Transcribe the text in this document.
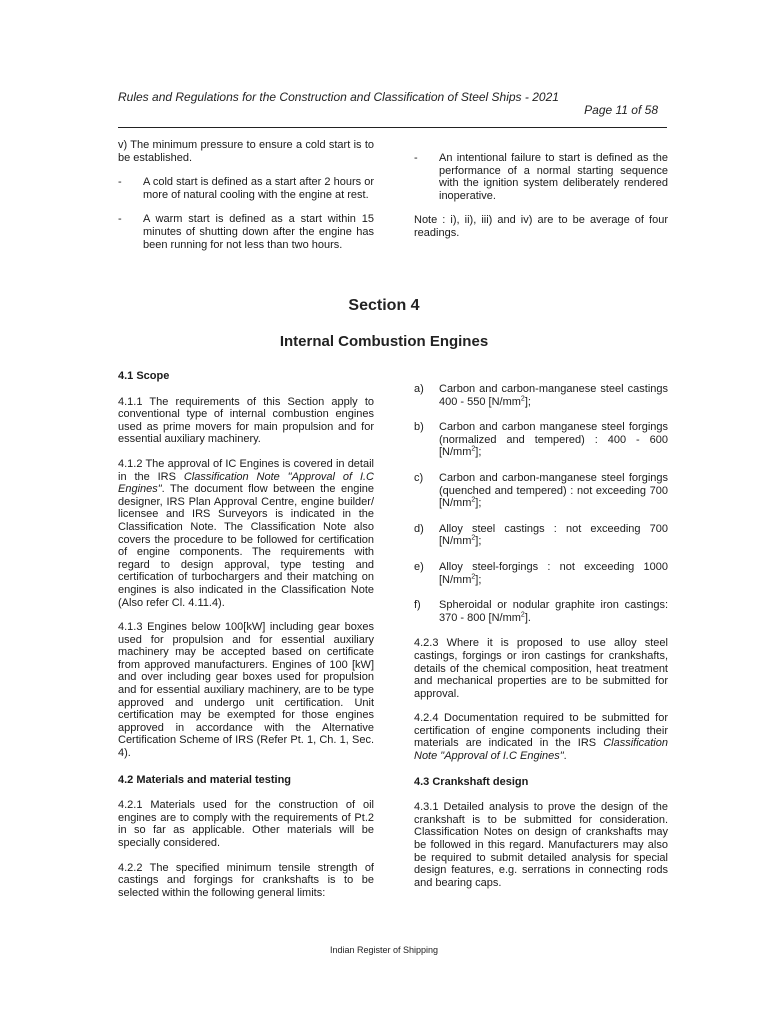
Rules and Regulations for the Construction and Classification of Steel Ships - 2021
Page 11 of 58

v) The minimum pressure to ensure a cold start is to be established.

- A cold start is defined as a start after 2 hours or more of natural cooling with the engine at rest.

- A warm start is defined as a start within 15 minutes of shutting down after the engine has been running for not less than two hours.

- An intentional failure to start is defined as the performance of a normal starting sequence with the ignition system deliberately rendered inoperative.

Note : i), ii), iii) and iv) are to be average of four readings.

Section 4
Internal Combustion Engines

4.1 Scope

4.1.1 The requirements of this Section apply to conventional type of internal combustion engines used as prime movers for main propulsion and for essential auxiliary machinery.

4.1.2 The approval of IC Engines is covered in detail in the IRS Classification Note "Approval of I.C Engines". The document flow between the engine designer, IRS Plan Approval Centre, engine builder/ licensee and IRS Surveyors is indicated in the Classification Note. The Classification Note also covers the procedure to be followed for certification of engine components. The requirements with regard to design approval, type testing and certification of turbochargers and their matching on engines is also indicated in the Classification Note (Also refer Cl. 4.11.4).

4.1.3 Engines below 100[kW] including gear boxes used for propulsion and for essential auxiliary machinery may be accepted based on certificate from approved manufacturers. Engines of 100 [kW] and over including gear boxes used for propulsion and for essential auxiliary machinery, are to be type approved and undergo unit certification. Unit certification may be exempted for those engines approved in accordance with the Alternative Certification Scheme of IRS (Refer Pt. 1, Ch. 1, Sec. 4).

4.2 Materials and material testing

4.2.1 Materials used for the construction of oil engines are to comply with the requirements of Pt.2 in so far as applicable. Other materials will be specially considered.

4.2.2 The specified minimum tensile strength of castings and forgings for crankshafts is to be selected within the following general limits:

a) Carbon and carbon-manganese steel castings 400 - 550 $[N/mm^2]$;

b) Carbon and carbon manganese steel forgings (normalized and tempered) : 400 - 600 $[N/mm^2]$;

c) Carbon and carbon-manganese steel forgings (quenched and tempered) : not exceeding 700 $[N/mm^2]$;

d) Alloy steel castings : not exceeding 700 $[N/mm^2]$;

e) Alloy steel-forgings : not exceeding 1000 $[N/mm^2]$;

f) Spheroidal or nodular graphite iron castings: 370 - 800 $[N/mm^2]$.

4.2.3 Where it is proposed to use alloy steel castings, forgings or iron castings for crankshafts, details of the chemical composition, heat treatment and mechanical properties are to be submitted for approval.

4.2.4 Documentation required to be submitted for certification of engine components including their materials are indicated in the IRS Classification Note "Approval of I.C Engines".

4.3 Crankshaft design

4.3.1 Detailed analysis to prove the design of the crankshaft is to be submitted for consideration. Classification Notes on design of crankshafts may be followed in this regard. Manufacturers may also be required to submit detailed analysis for special design features, e.g. serrations in connecting rods and bearing caps.

Indian Register of Shipping
